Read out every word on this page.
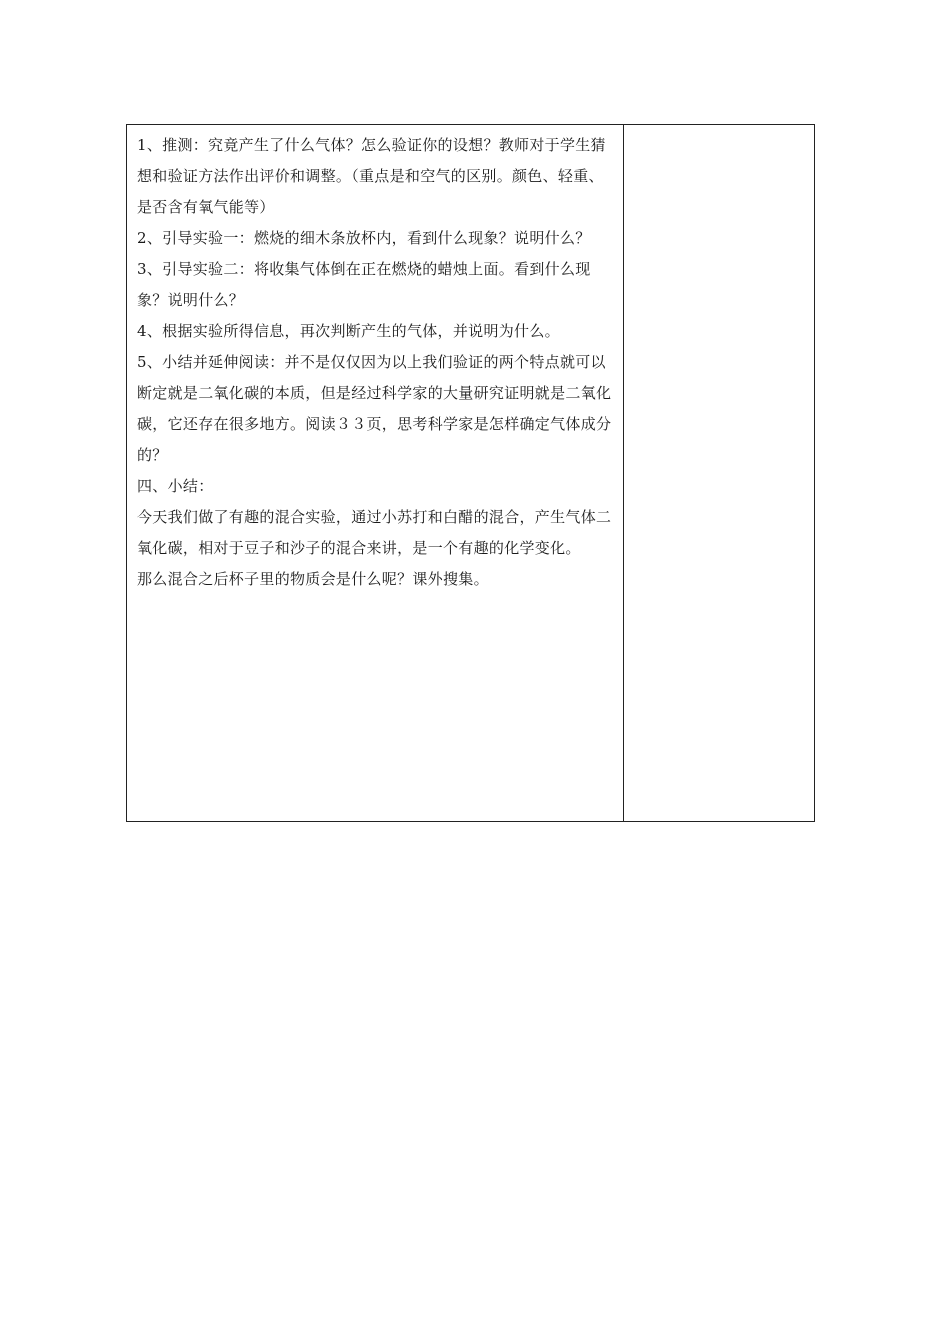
1、推测：究竟产生了什么气体？怎么验证你的设想？教师对于学生猜想和验证方法作出评价和调整。（重点是和空气的区别。颜色、轻重、是否含有氧气能等）

2、引导实验一：燃烧的细木条放杯内，看到什么现象？说明什么？

3、引导实验二：将收集气体倒在正在燃烧的蜡烛上面。看到什么现象？说明什么？

4、根据实验所得信息，再次判断产生的气体，并说明为什么。

5、小结并延伸阅读：并不是仅仅因为以上我们验证的两个特点就可以断定就是二氧化碳的本质，但是经过科学家的大量研究证明就是二氧化碳，它还存在很多地方。阅读３３页，思考科学家是怎样确定气体成分的？

四、小结：

今天我们做了有趣的混合实验，通过小苏打和白醋的混合，产生气体二氧化碳，相对于豆子和沙子的混合来讲，是一个有趣的化学变化。

那么混合之后杯子里的物质会是什么呢？课外搜集。
